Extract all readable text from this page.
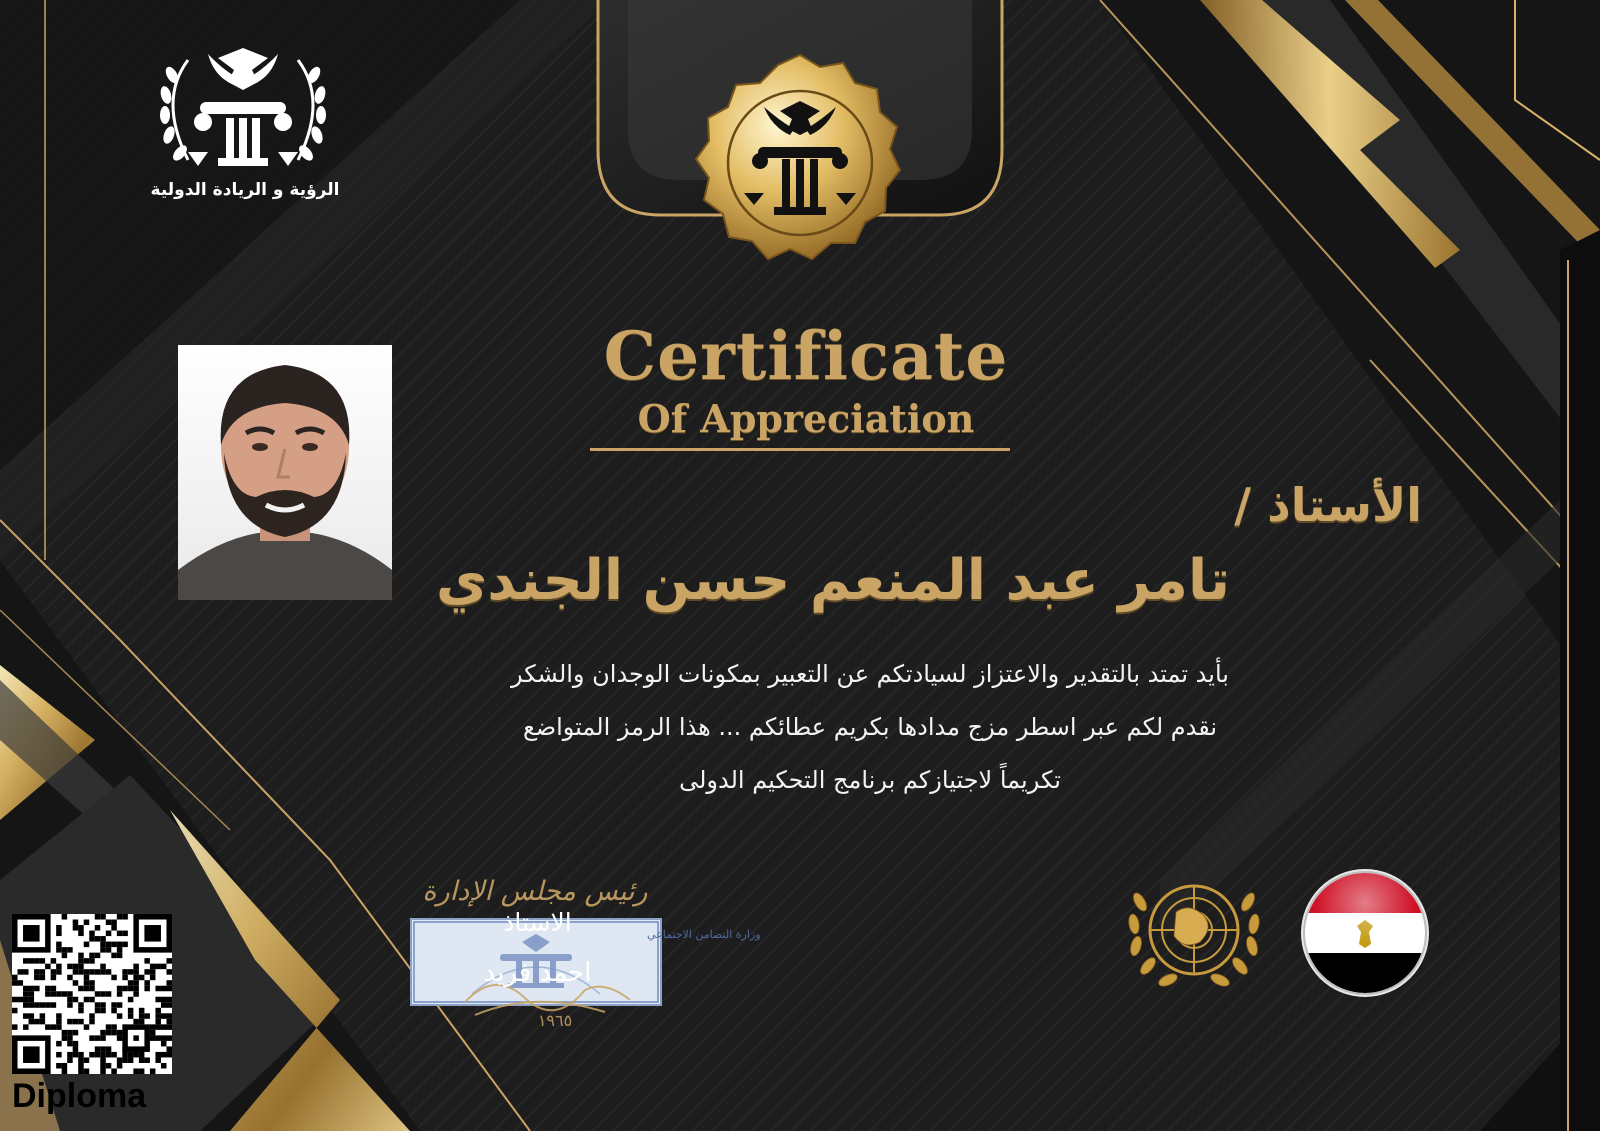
الرؤية و الريادة الدولية
Certificate
Of Appreciation
الأستاذ /
تامر عبد المنعم حسن الجندي
بأيد تمتد بالتقدير والاعتزاز لسيادتكم عن التعبير بمكونات الوجدان والشكر
نقدم لكم عبر اسطر مزج مدادها بكريم عطائكم ... هذا الرمز المتواضع
تكريماً لاجتيازكم برنامج التحكيم الدولى
Diploma
رئيس مجلس الإدارة
وزارة التضامن الاجتماعي
١٩٦٥
الاستاذ
احمد فريد
